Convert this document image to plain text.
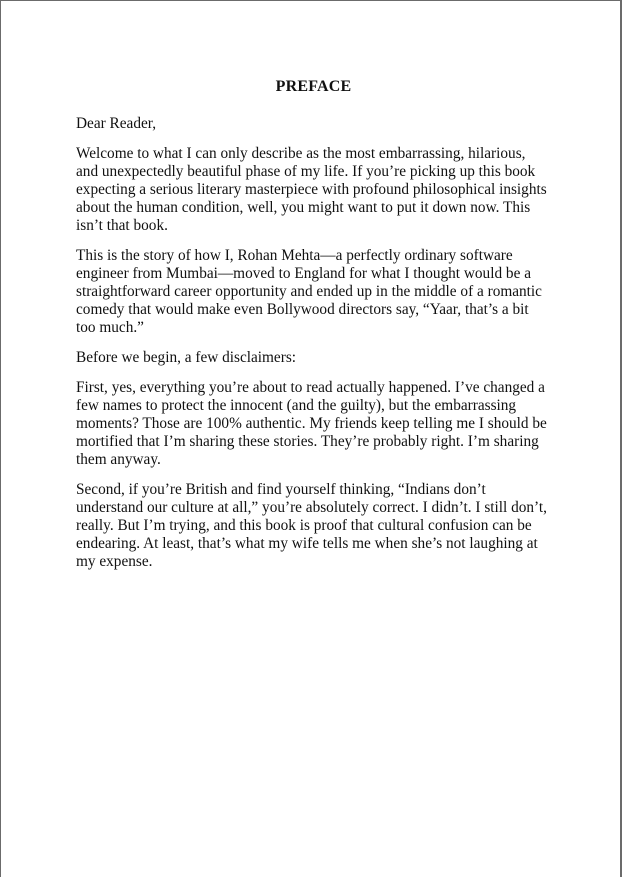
PREFACE

Dear Reader,

Welcome to what I can only describe as the most embarrassing, hilarious, and unexpectedly beautiful phase of my life. If you’re picking up this book expecting a serious literary masterpiece with profound philosophical insights about the human condition, well, you might want to put it down now. This isn’t that book.

This is the story of how I, Rohan Mehta—a perfectly ordinary software engineer from Mumbai—moved to England for what I thought would be a straightforward career opportunity and ended up in the middle of a romantic comedy that would make even Bollywood directors say, “Yaar, that’s a bit too much.”

Before we begin, a few disclaimers:

First, yes, everything you’re about to read actually happened. I’ve changed a few names to protect the innocent (and the guilty), but the embarrassing moments? Those are 100% authentic. My friends keep telling me I should be mortified that I’m sharing these stories. They’re probably right. I’m sharing them anyway.

Second, if you’re British and find yourself thinking, “Indians don’t understand our culture at all,” you’re absolutely correct. I didn’t. I still don’t, really. But I’m trying, and this book is proof that cultural confusion can be endearing. At least, that’s what my wife tells me when she’s not laughing at my expense.
